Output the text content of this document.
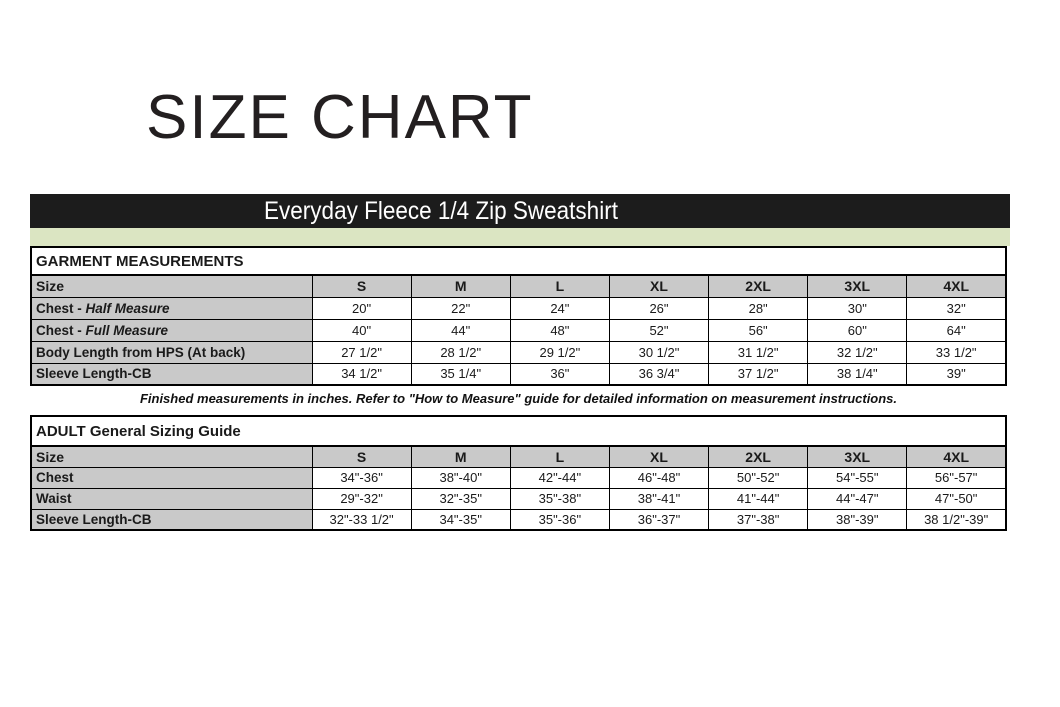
SIZE CHART
Everyday Fleece 1/4 Zip Sweatshirt
GARMENT MEASUREMENTS							
Size	S	M	L	XL	2XL	3XL	4XL
Chest - Half Measure	20"	22"	24"	26"	28"	30"	32"
Chest - Full Measure	40"	44"	48"	52"	56"	60"	64"
Body Length from HPS (At back)	27 1/2"	28 1/2"	29 1/2"	30 1/2"	31 1/2"	32 1/2"	33 1/2"
Sleeve Length-CB	34 1/2"	35 1/4"	36"	36 3/4"	37 1/2"	38 1/4"	39"
Finished measurements in inches. Refer to "How to Measure" guide for detailed information on measurement instructions.
ADULT General Sizing Guide							
Size	S	M	L	XL	2XL	3XL	4XL
Chest	34"-36"	38"-40"	42"-44"	46"-48"	50"-52"	54"-55"	56"-57"
Waist	29"-32"	32"-35"	35"-38"	38"-41"	41"-44"	44"-47"	47"-50"
Sleeve Length-CB	32"-33 1/2"	34"-35"	35"-36"	36"-37"	37"-38"	38"-39"	38 1/2"-39"
